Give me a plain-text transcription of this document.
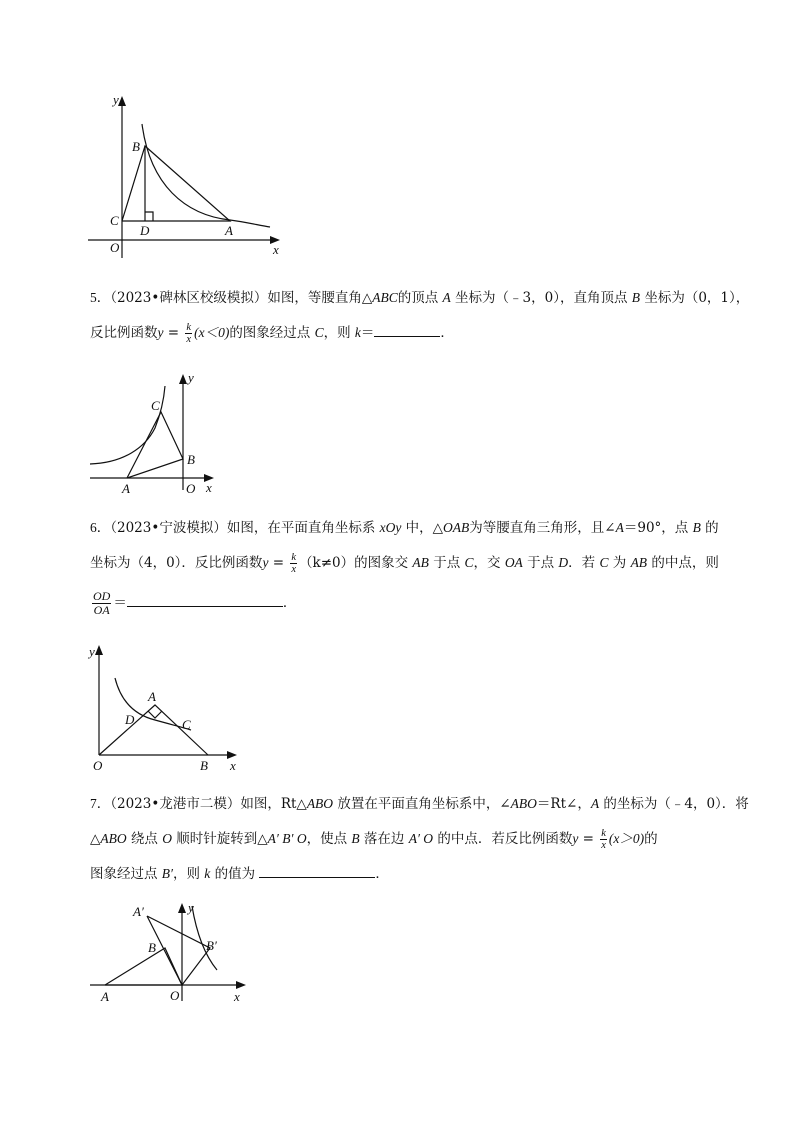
y
x
B
C
D	A
O
5．（2023•碑林区校级模拟）如图，等腰直角△ABC的顶点 A 坐标为（﹣3，0），直角顶点 B 坐标为（0，1），
反比例函数$y = \frac{k}{x} (x<0)$的图象经过点 C，则 k＝	．
y
x
C
B
A	O
6．（2023•宁波模拟）如图，在平面直角坐标系 xOy 中，△OAB为等腰直角三角形，且∠A＝90°，点 B 的
坐标为（4，0）．反比例函数$y = \frac{k}{x} (k\ne 0)$的图象交 AB 于点 C，交 OA 于点 D．若 C 为 AB 的中点，则
$\frac{OD}{OA}$ ＝	．
y
x
A
D	C
O	B
7．（2023•龙港市二模）如图，Rt△ABO 放置在平面直角坐标系中，∠ABO＝Rt∠，A 的坐标为（﹣4，0）．将
△ABO 绕点 O 顺时针旋转到△A′ B′ O，使点 B 落在边 A′ O 的中点．若反比例函数$y = \frac{k}{x} (x>0)$的
图象经过点 B′，则 k 的值为	．
y
x
A′
B	B′
A	O
